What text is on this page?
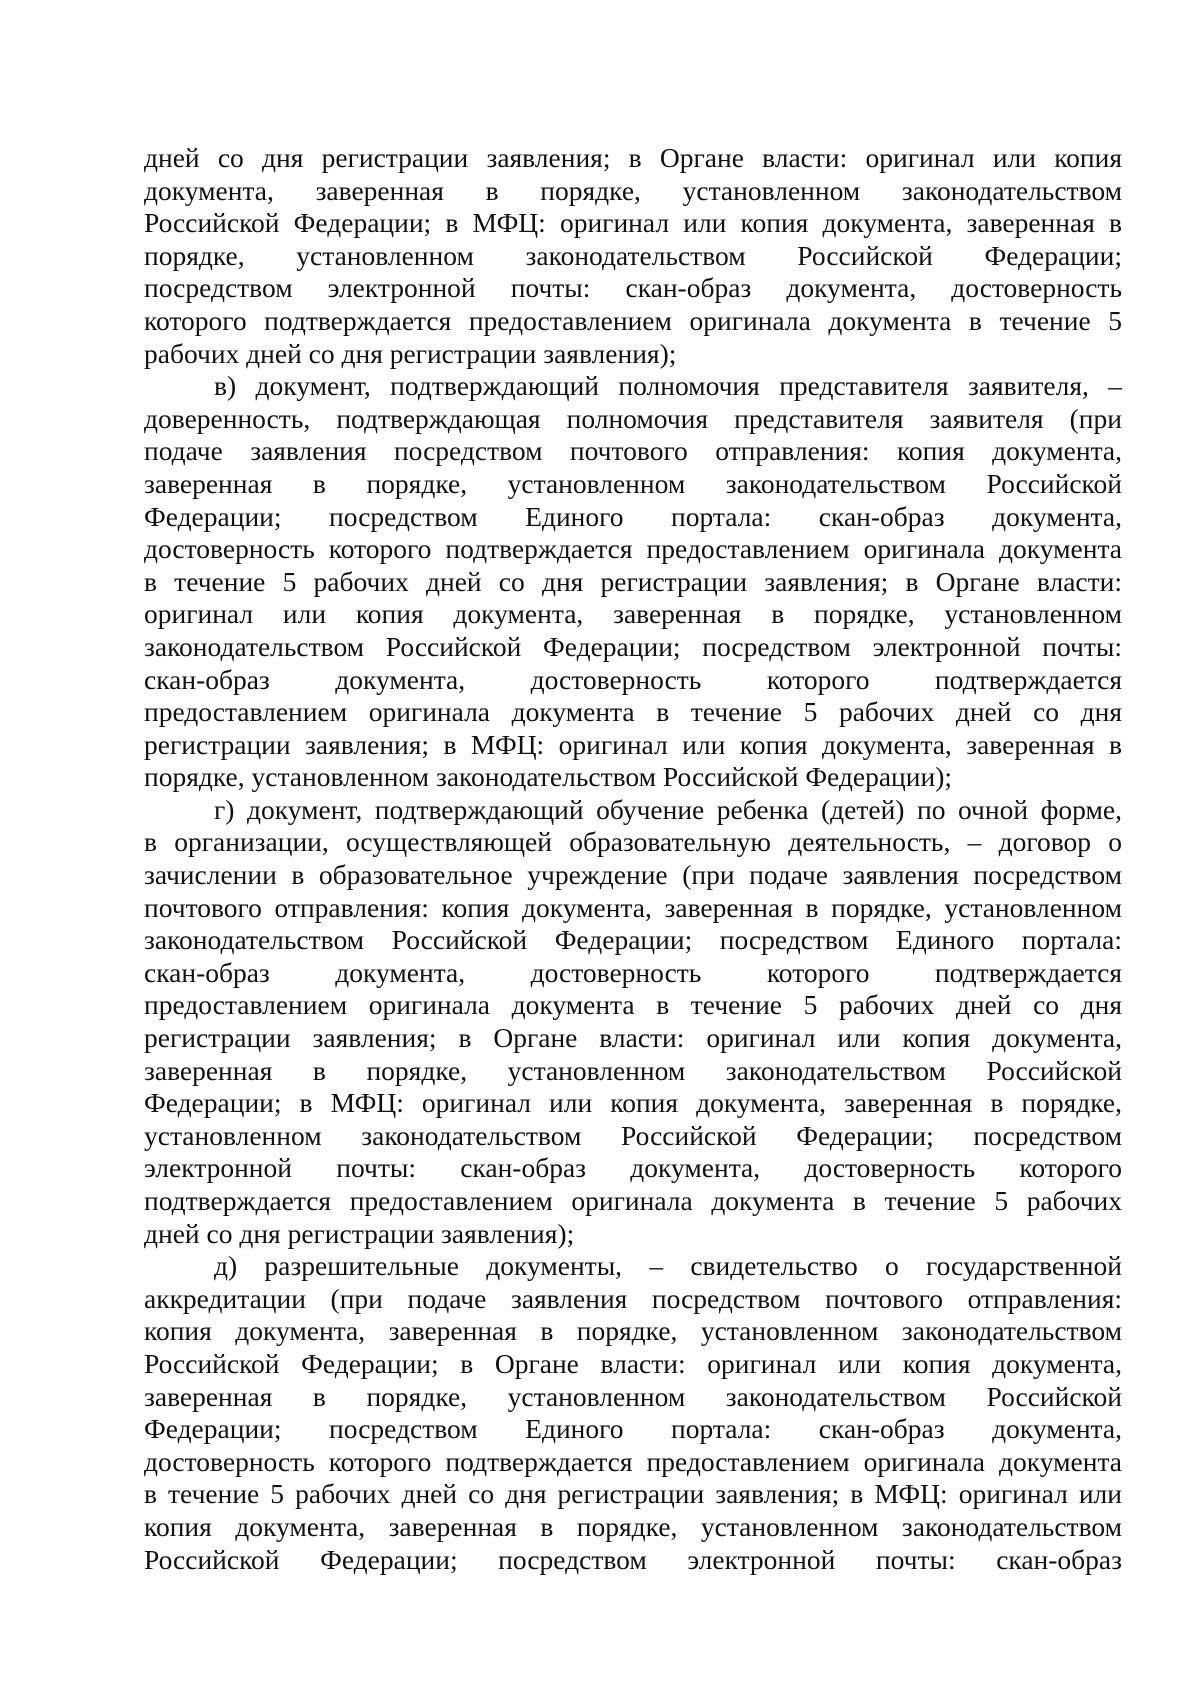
дней со дня регистрации заявления; в Органе власти: оригинал или копия
документа, заверенная в порядке, установленном законодательством
Российской Федерации; в МФЦ: оригинал или копия документа, заверенная в
порядке, установленном законодательством Российской Федерации;
посредством электронной почты: скан-образ документа, достоверность
которого подтверждается предоставлением оригинала документа в течение 5
рабочих дней со дня регистрации заявления);
в) документ, подтверждающий полномочия представителя заявителя, –
доверенность, подтверждающая полномочия представителя заявителя (при
подаче заявления посредством почтового отправления: копия документа,
заверенная в порядке, установленном законодательством Российской
Федерации; посредством Единого портала: скан-образ документа,
достоверность которого подтверждается предоставлением оригинала документа
в течение 5 рабочих дней со дня регистрации заявления; в Органе власти:
оригинал или копия документа, заверенная в порядке, установленном
законодательством Российской Федерации; посредством электронной почты:
скан-образ документа, достоверность которого подтверждается
предоставлением оригинала документа в течение 5 рабочих дней со дня
регистрации заявления; в МФЦ: оригинал или копия документа, заверенная в
порядке, установленном законодательством Российской Федерации);
г) документ, подтверждающий обучение ребенка (детей) по очной форме,
в организации, осуществляющей образовательную деятельность, – договор о
зачислении в образовательное учреждение (при подаче заявления посредством
почтового отправления: копия документа, заверенная в порядке, установленном
законодательством Российской Федерации; посредством Единого портала:
скан-образ документа, достоверность которого подтверждается
предоставлением оригинала документа в течение 5 рабочих дней со дня
регистрации заявления; в Органе власти: оригинал или копия документа,
заверенная в порядке, установленном законодательством Российской
Федерации; в МФЦ: оригинал или копия документа, заверенная в порядке,
установленном законодательством Российской Федерации; посредством
электронной почты: скан-образ документа, достоверность которого
подтверждается предоставлением оригинала документа в течение 5 рабочих
дней со дня регистрации заявления);
д) разрешительные документы, – свидетельство о государственной
аккредитации (при подаче заявления посредством почтового отправления:
копия документа, заверенная в порядке, установленном законодательством
Российской Федерации; в Органе власти: оригинал или копия документа,
заверенная в порядке, установленном законодательством Российской
Федерации; посредством Единого портала: скан-образ документа,
достоверность которого подтверждается предоставлением оригинала документа
в течение 5 рабочих дней со дня регистрации заявления; в МФЦ: оригинал или
копия документа, заверенная в порядке, установленном законодательством
Российской Федерации; посредством электронной почты: скан-образ
